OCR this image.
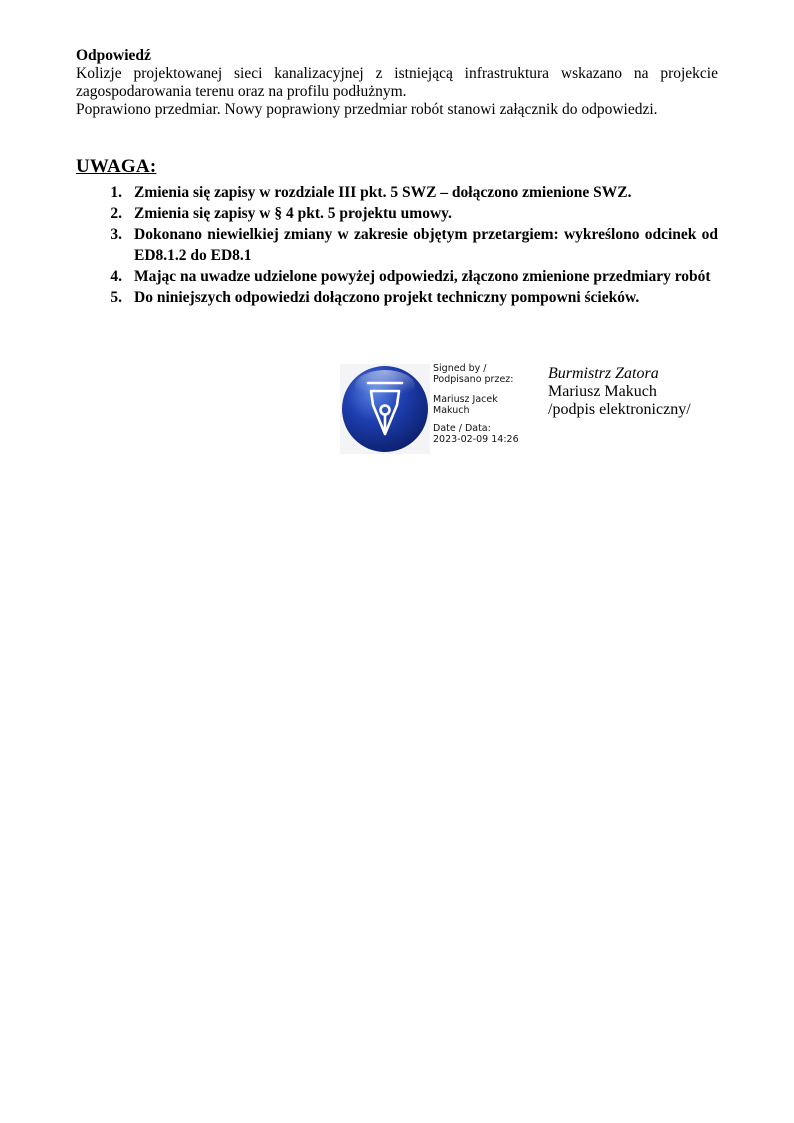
Odpowiedź
Kolizje projektowanej sieci kanalizacyjnej z istniejącą infrastruktura wskazano na projekcie zagospodarowania terenu oraz na profilu podłużnym.
Poprawiono przedmiar. Nowy poprawiony przedmiar robót stanowi załącznik do odpowiedzi.
UWAGA:
1. Zmienia się zapisy w rozdziale III pkt. 5 SWZ – dołączono zmienione SWZ.
2. Zmienia się zapisy w § 4 pkt. 5 projektu umowy.
3. Dokonano niewielkiej zmiany w zakresie objętym przetargiem: wykreślono odcinek od ED8.1.2 do ED8.1
4. Mając na uwadze udzielone powyżej odpowiedzi, złączono zmienione przedmiary robót
5. Do niniejszych odpowiedzi dołączono projekt techniczny pompowni ścieków.
Signed by /
Podpisano przez:
Mariusz Jacek
Makuch
Date / Data:
2023-02-09 14:26
Burmistrz Zatora
Mariusz Makuch
/podpis elektroniczny/
